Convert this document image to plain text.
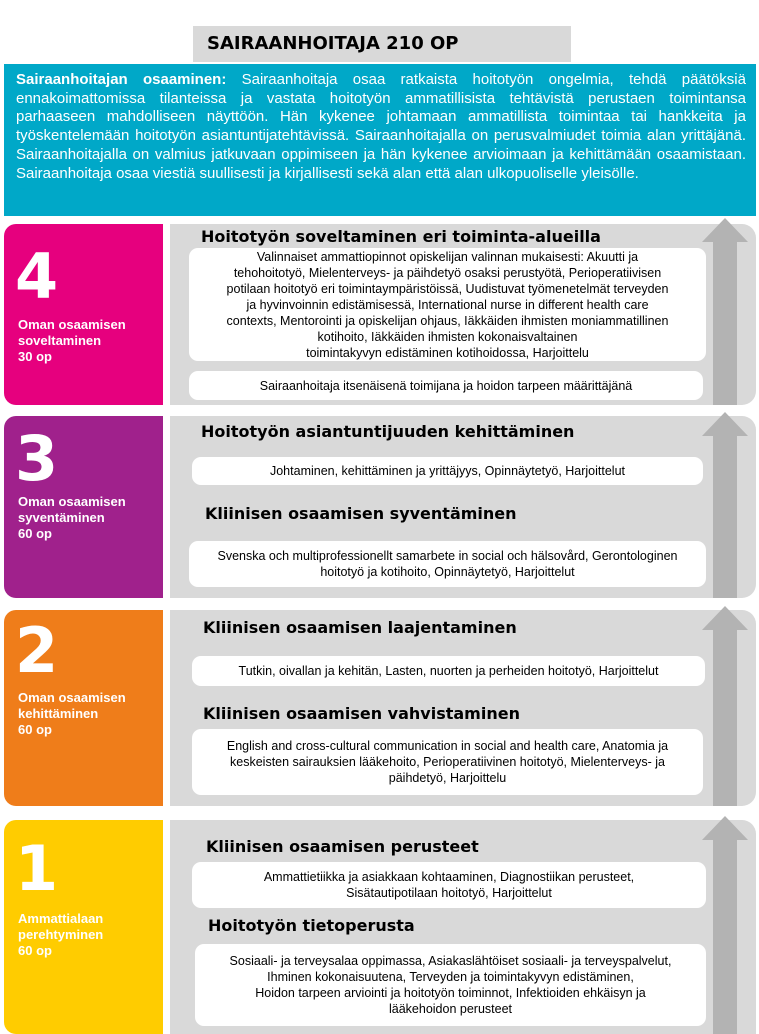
SAIRAANHOITAJA 210 OP
Sairaanhoitajan osaaminen: Sairaanhoitaja osaa ratkaista hoitotyön ongelmia, tehdä päätöksiä ennakoimattomissa tilanteissa ja vastata hoitotyön ammatillisista tehtävistä perustaen toimintansa parhaaseen mahdolliseen näyttöön. Hän kykenee johtamaan ammatillista toimintaa tai hankkeita ja työskentelemään hoitotyön asiantuntijatehtävissä. Sairaanhoitajalla on perusvalmiudet toimia alan yrittäjänä. Sairaanhoitajalla on valmius jatkuvaan oppimiseen ja hän kykenee arvioimaan ja kehittämään osaamistaan. Sairaanhoitaja osaa viestiä suullisesti ja kirjallisesti sekä alan että alan ulkopuoliselle yleisölle.
4
Oman osaamisen
soveltaminen
30 op
Hoitotyön soveltaminen eri toiminta-alueilla
Valinnaiset ammattiopinnot opiskelijan valinnan mukaisesti: Akuutti ja
tehohoitotyö, Mielenterveys- ja päihdetyö osaksi perustyötä, Perioperatiivisen
potilaan hoitotyö eri toimintaympäristöissä, Uudistuvat työmenetelmät terveyden
ja hyvinvoinnin edistämisessä, International nurse in different health care
contexts, Mentorointi ja opiskelijan ohjaus, Iäkkäiden ihmisten moniammatillinen
kotihoito, Iäkkäiden ihmisten kokonaisvaltainen
toimintakyvyn edistäminen kotihoidossa, Harjoittelu
Sairaanhoitaja itsenäisenä toimijana ja hoidon tarpeen määrittäjänä
3
Oman osaamisen
syventäminen
60 op
Hoitotyön asiantuntijuuden kehittäminen
Johtaminen, kehittäminen ja yrittäjyys, Opinnäytetyö, Harjoittelut
Kliinisen osaamisen syventäminen
Svenska och multiprofessionellt samarbete in social och hälsovård, Gerontologinen
hoitotyö ja kotihoito, Opinnäytetyö, Harjoittelut
2
Oman osaamisen
kehittäminen
60 op
Kliinisen osaamisen laajentaminen
Tutkin, oivallan ja kehitän, Lasten, nuorten ja perheiden hoitotyö, Harjoittelut
Kliinisen osaamisen vahvistaminen
English and cross-cultural communication in social and health care, Anatomia ja
keskeisten sairauksien lääkehoito, Perioperatiivinen hoitotyö, Mielenterveys- ja
päihdetyö, Harjoittelu
1
Ammattialaan
perehtyminen
60 op
Kliinisen osaamisen perusteet
Ammattietiikka ja asiakkaan kohtaaminen, Diagnostiikan perusteet,
Sisätautipotilaan hoitotyö, Harjoittelut
Hoitotyön tietoperusta
Sosiaali- ja terveysalaa oppimassa, Asiakaslähtöiset sosiaali- ja terveyspalvelut,
Ihminen kokonaisuutena, Terveyden ja toimintakyvyn edistäminen,
Hoidon tarpeen arviointi ja hoitotyön toiminnot, Infektioiden ehkäisyn ja
lääkehoidon perusteet
